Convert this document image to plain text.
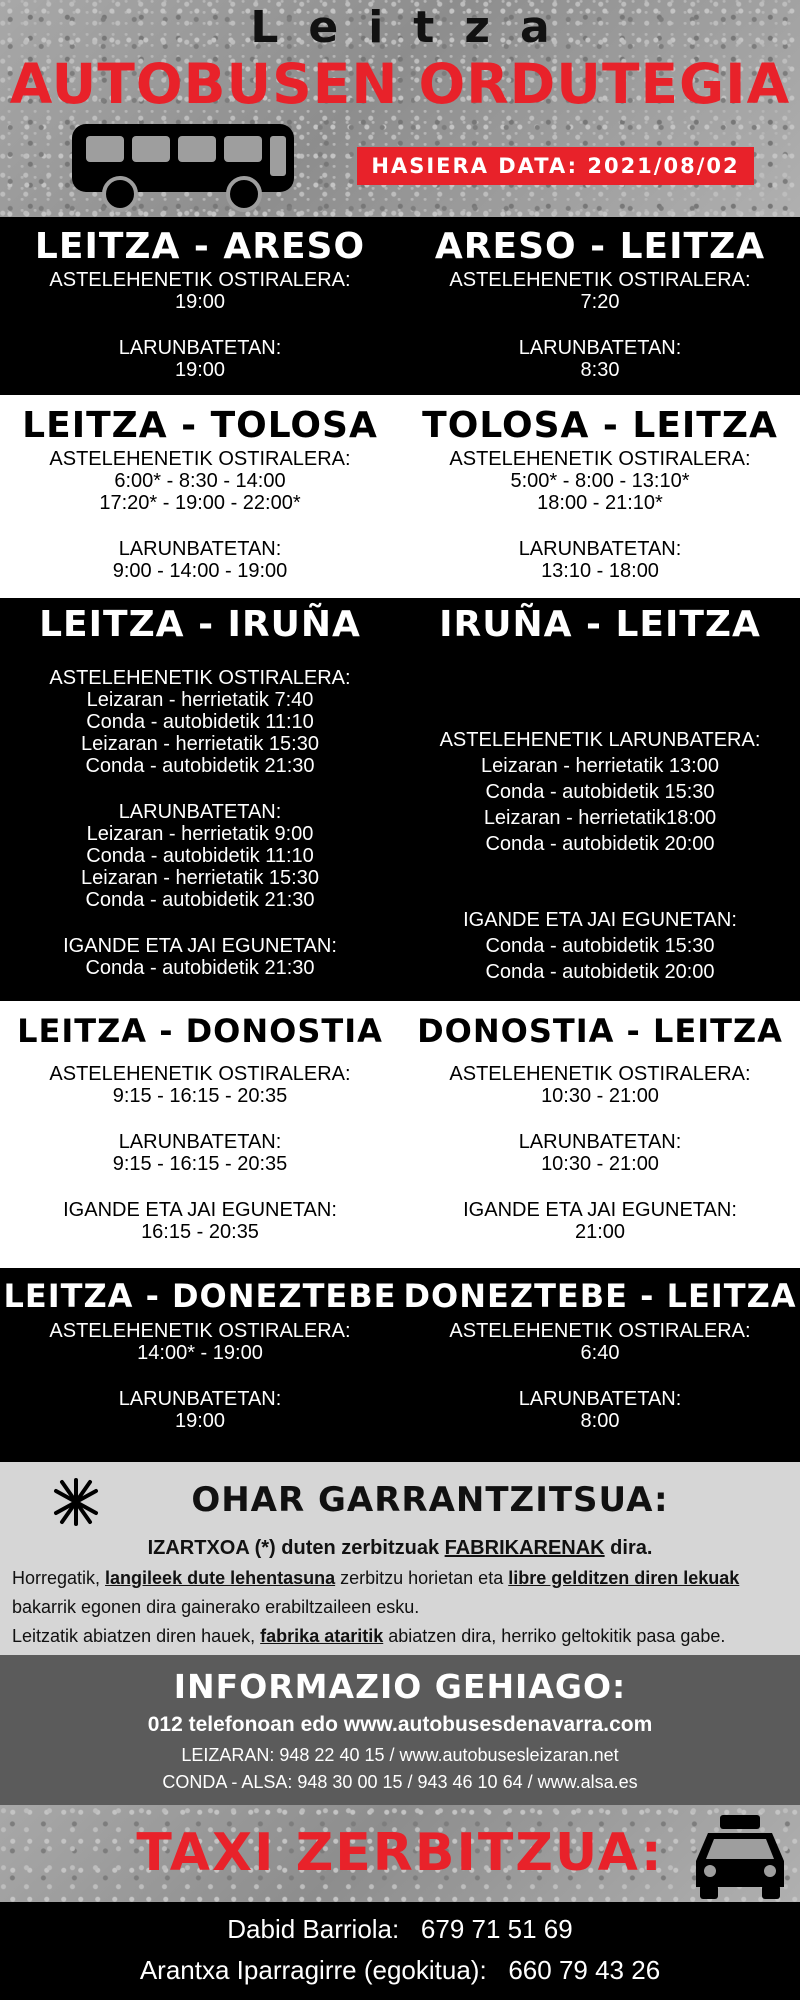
Leitza
AUTOBUSEN ORDUTEGIA
HASIERA DATA: 2021/08/02
LEITZA - ARESO
ASTELEHENETIK OSTIRALERA:
19:00
LARUNBATETAN:
19:00
ARESO - LEITZA
ASTELEHENETIK OSTIRALERA:
7:20
LARUNBATETAN:
8:30
LEITZA - TOLOSA
ASTELEHENETIK OSTIRALERA:
6:00* - 8:30 - 14:00
17:20* - 19:00 - 22:00*
LARUNBATETAN:
9:00 - 14:00 - 19:00
TOLOSA - LEITZA
ASTELEHENETIK OSTIRALERA:
5:00* - 8:00 - 13:10*
18:00 - 21:10*
LARUNBATETAN:
13:10 - 18:00
LEITZA - IRUÑA
ASTELEHENETIK OSTIRALERA:
Leizaran - herrietatik 7:40
Conda - autobidetik 11:10
Leizaran - herrietatik 15:30
Conda - autobidetik 21:30
LARUNBATETAN:
Leizaran - herrietatik 9:00
Conda - autobidetik 11:10
Leizaran - herrietatik 15:30
Conda - autobidetik 21:30
IGANDE ETA JAI EGUNETAN:
Conda - autobidetik 21:30
IRUÑA - LEITZA
ASTELEHENETIK LARUNBATERA:
Leizaran - herrietatik 13:00
Conda - autobidetik 15:30
Leizaran - herrietatik18:00
Conda - autobidetik 20:00
IGANDE ETA JAI EGUNETAN:
Conda - autobidetik 15:30
Conda - autobidetik 20:00
LEITZA - DONOSTIA
ASTELEHENETIK OSTIRALERA:
9:15 - 16:15 - 20:35
LARUNBATETAN:
9:15 - 16:15 - 20:35
IGANDE ETA JAI EGUNETAN:
16:15 - 20:35
DONOSTIA - LEITZA
ASTELEHENETIK OSTIRALERA:
10:30 - 21:00
LARUNBATETAN:
10:30 - 21:00
IGANDE ETA JAI EGUNETAN:
21:00
LEITZA - DONEZTEBE
ASTELEHENETIK OSTIRALERA:
14:00* - 19:00
LARUNBATETAN:
19:00
DONEZTEBE - LEITZA
ASTELEHENETIK OSTIRALERA:
6:40
LARUNBATETAN:
8:00
OHAR GARRANTZITSUA:
IZARTXOA (*) duten zerbitzuak FABRIKARENAK dira.
Horregatik, langileek dute lehentasuna zerbitzu horietan eta libre gelditzen diren lekuak
bakarrik egonen dira gainerako erabiltzaileen esku.
Leitzatik abiatzen diren hauek, fabrika ataritik abiatzen dira, herriko geltokitik pasa gabe.
INFORMAZIO GEHIAGO:
012 telefonoan edo www.autobusesdenavarra.com
LEIZARAN: 948 22 40 15 / www.autobusesleizaran.net
CONDA - ALSA: 948 30 00 15 / 943 46 10 64 / www.alsa.es
TAXI ZERBITZUA:
Dabid Barriola:   679 71 51 69
Arantxa Iparragirre (egokitua):   660 79 43 26
